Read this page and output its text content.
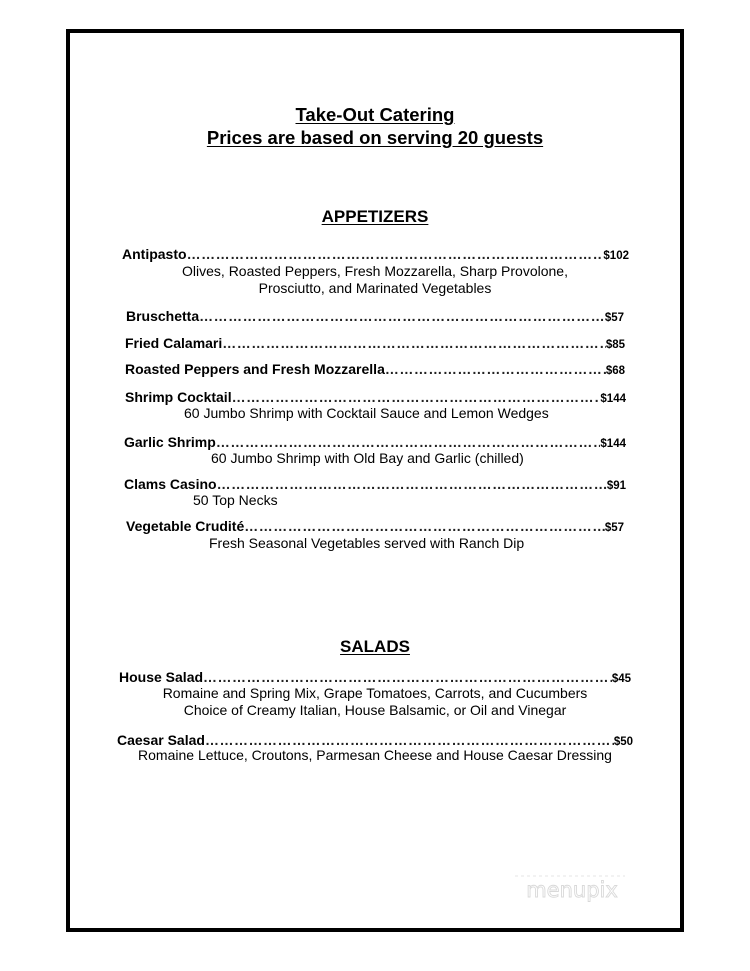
Take-Out Catering
Prices are based on serving 20 guests
APPETIZERS
Antipasto …………………………………………………………………………………………………………………………………………………………………………………………………………	$102
Olives, Roasted Peppers, Fresh Mozzarella, Sharp Provolone,
Prosciutto, and Marinated Vegetables
Bruschetta …………………………………………………………………………………………………………………………………………………………………………………………………………	$57
Fried Calamari …………………………………………………………………………………………………………………………………………………………………………………………………………	$85
Roasted Peppers and Fresh Mozzarella …………………………………………………………………………………………………………………………………………………………………………………………………………	$68
Shrimp Cocktail …………………………………………………………………………………………………………………………………………………………………………………………………………	$144
60 Jumbo Shrimp with Cocktail Sauce and Lemon Wedges
Garlic Shrimp …………………………………………………………………………………………………………………………………………………………………………………………………………	$144
60 Jumbo Shrimp with Old Bay and Garlic (chilled)
Clams Casino …………………………………………………………………………………………………………………………………………………………………………………………………………	$91
50 Top Necks
Vegetable Crudité …………………………………………………………………………………………………………………………………………………………………………………………………………	$57
Fresh Seasonal Vegetables served with Ranch Dip
SALADS
House Salad …………………………………………………………………………………………………………………………………………………………………………………………………………	$45
Romaine and Spring Mix, Grape Tomatoes, Carrots, and Cucumbers
Choice of Creamy Italian, House Balsamic, or Oil and Vinegar
Caesar Salad …………………………………………………………………………………………………………………………………………………………………………………………………………	$50
Romaine Lettuce, Croutons, Parmesan Cheese and House Caesar Dressing
menupix
